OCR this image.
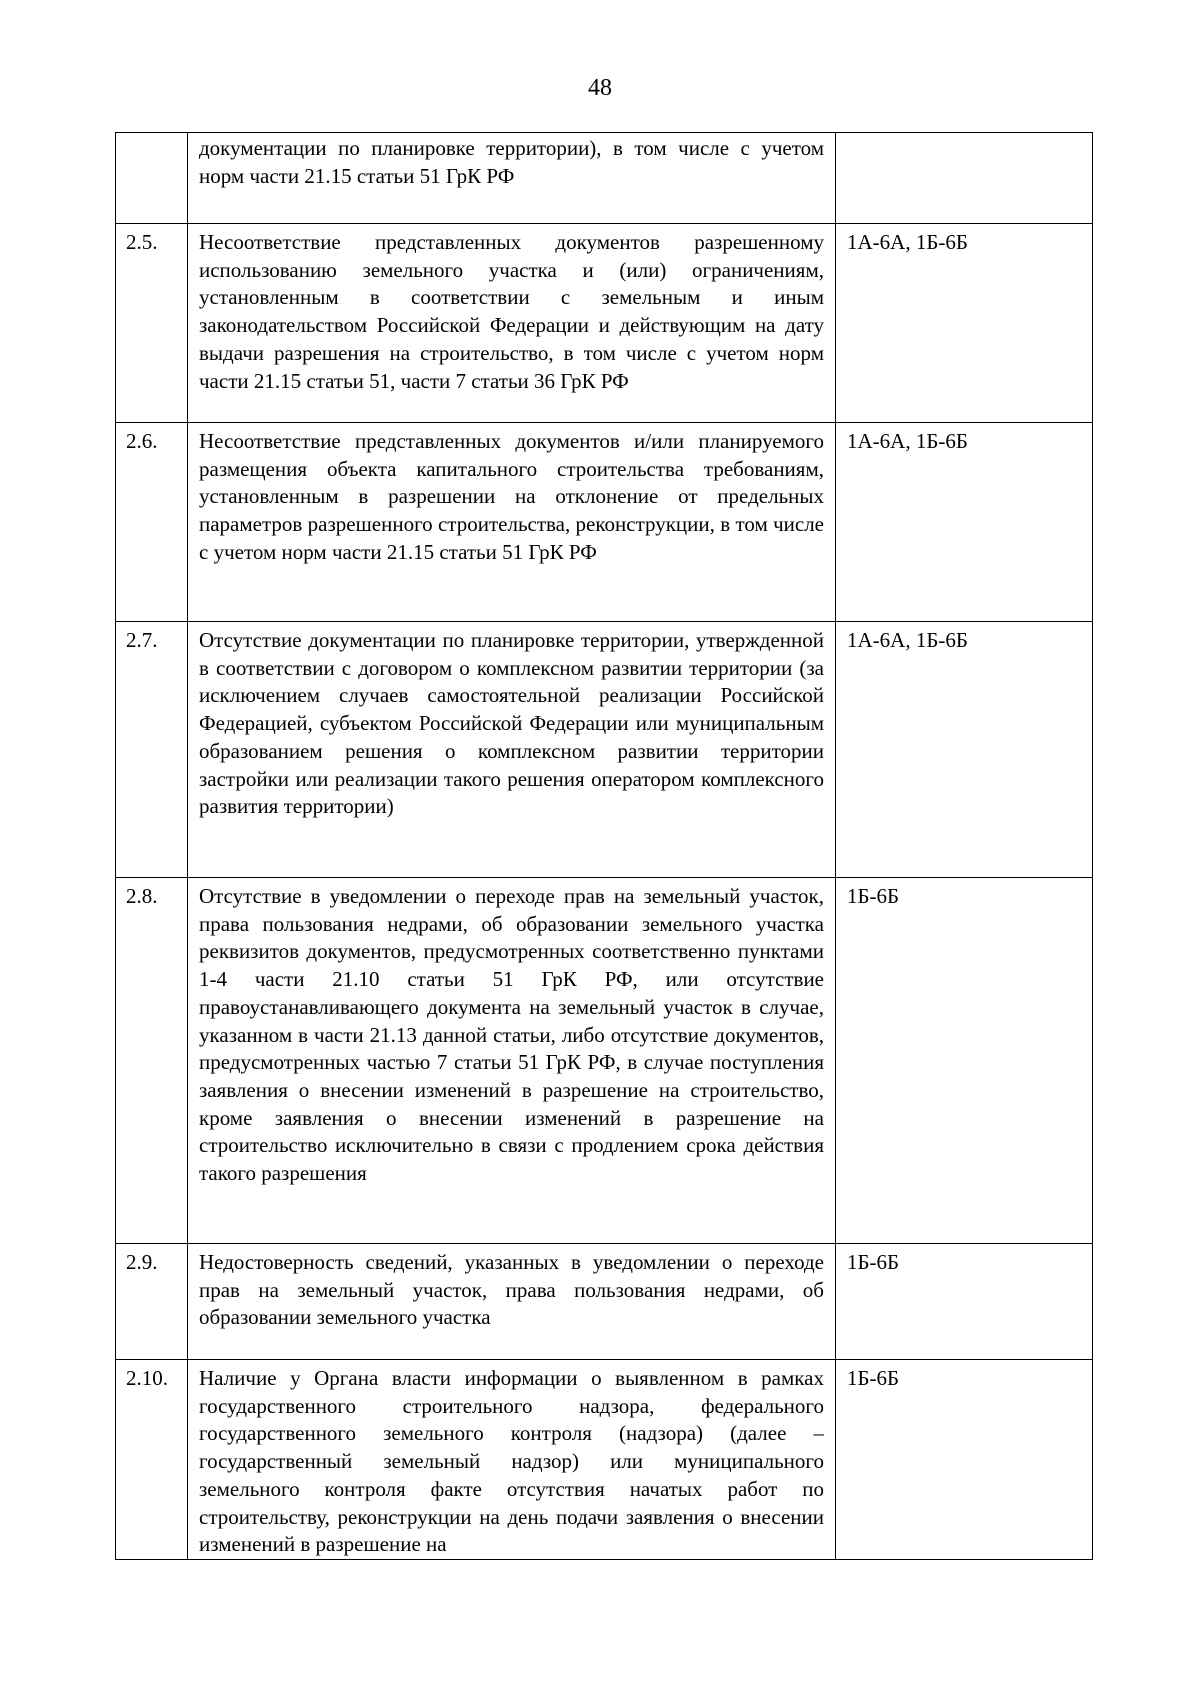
48
	документации по планировке территории), в том числе с учетом норм части 21.15 статьи 51 ГрК РФ	
2.5.	Несоответствие представленных документов разрешенному использованию земельного участка и (или) ограничениям, установленным в соответствии с земельным и иным законодательством Российской Федерации и действующим на дату выдачи разрешения на строительство, в том числе с учетом норм части 21.15 статьи 51, части 7 статьи 36 ГрК РФ	1А-6А, 1Б-6Б
2.6.	Несоответствие представленных документов и/или планируемого размещения объекта капитального строительства требованиям, установленным в разрешении на отклонение от предельных параметров разрешенного строительства, реконструкции, в том числе с учетом норм части 21.15 статьи 51 ГрК РФ	1А-6А, 1Б-6Б
2.7.	Отсутствие документации по планировке территории, утвержденной в соответствии с договором о комплексном развитии территории (за исключением случаев самостоятельной реализации Российской Федерацией, субъектом Российской Федерации или муниципальным образованием решения о комплексном развитии территории застройки или реализации такого решения оператором комплексного развития территории)	1А-6А, 1Б-6Б
2.8.	Отсутствие в уведомлении о переходе прав на земельный участок, права пользования недрами, об образовании земельного участка реквизитов документов, предусмотренных соответственно пунктами 1-4 части 21.10 статьи 51 ГрК РФ, или отсутствие правоустанавливающего документа на земельный участок в случае, указанном в части 21.13 данной статьи, либо отсутствие документов, предусмотренных частью 7 статьи 51 ГрК РФ, в случае поступления заявления о внесении изменений в разрешение на строительство, кроме заявления о внесении изменений в разрешение на строительство исключительно в связи с продлением срока действия такого разрешения	1Б-6Б
2.9.	Недостоверность сведений, указанных в уведомлении о переходе прав на земельный участок, права пользования недрами, об образовании земельного участка	1Б-6Б
2.10.	Наличие у Органа власти информации о выявленном в рамках государственного строительного надзора, федерального государственного земельного контроля (надзора) (далее – государственный земельный надзор) или муниципального земельного контроля факте отсутствия начатых работ по строительству, реконструкции на день подачи заявления о внесении изменений в разрешение на	1Б-6Б
